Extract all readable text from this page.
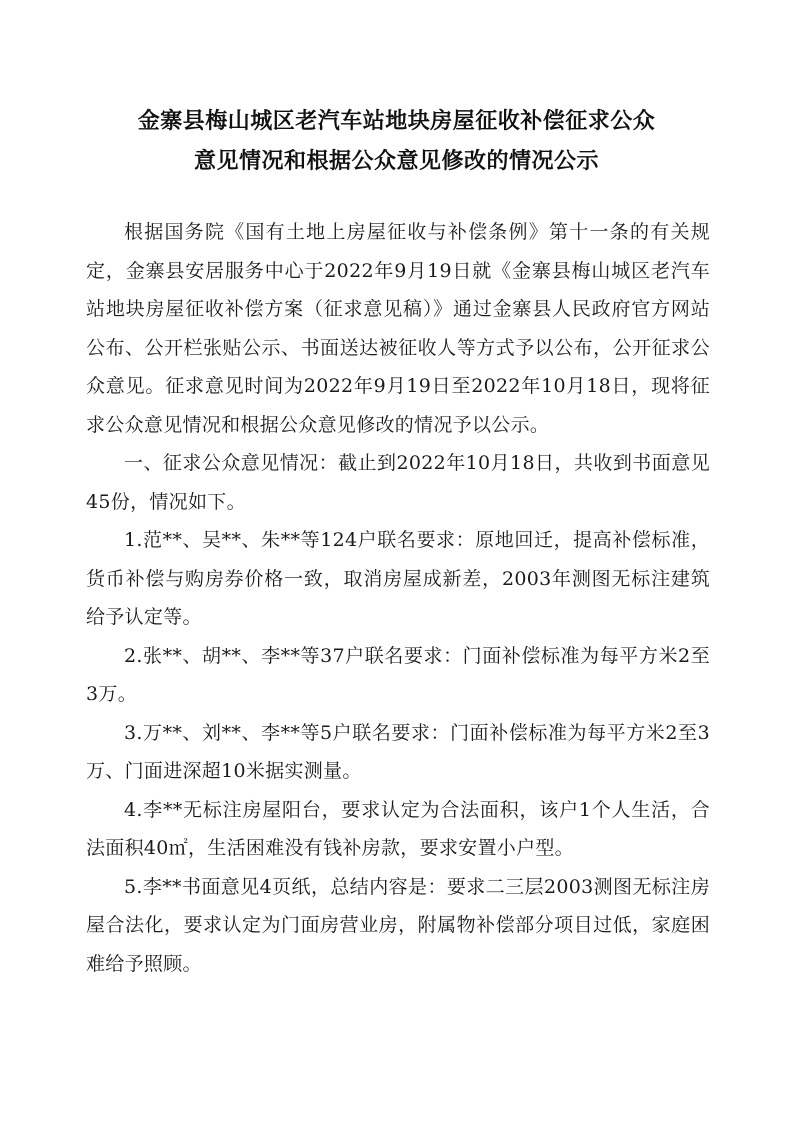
金寨县梅山城区老汽车站地块房屋征收补偿征求公众
意见情况和根据公众意见修改的情况公示

根据国务院《国有土地上房屋征收与补偿条例》第十一条的有关规定，金寨县安居服务中心于2022年9月19日就《金寨县梅山城区老汽车站地块房屋征收补偿方案（征求意见稿）》通过金寨县人民政府官方网站公布、公开栏张贴公示、书面送达被征收人等方式予以公布，公开征求公众意见。征求意见时间为2022年9月19日至2022年10月18日，现将征求公众意见情况和根据公众意见修改的情况予以公示。

一、征求公众意见情况：截止到2022年10月18日，共收到书面意见45份，情况如下。

1.范**、吴**、朱**等124户联名要求：原地回迁，提高补偿标准，货币补偿与购房券价格一致，取消房屋成新差，2003年测图无标注建筑给予认定等。

2.张**、胡**、李**等37户联名要求：门面补偿标准为每平方米2至3万。

3.万**、刘**、李**等5户联名要求：门面补偿标准为每平方米2至3万、门面进深超10米据实测量。

4.李**无标注房屋阳台，要求认定为合法面积，该户1个人生活，合法面积40㎡，生活困难没有钱补房款，要求安置小户型。

5.李**书面意见4页纸，总结内容是：要求二三层2003测图无标注房屋合法化，要求认定为门面房营业房，附属物补偿部分项目过低，家庭困难给予照顾。
